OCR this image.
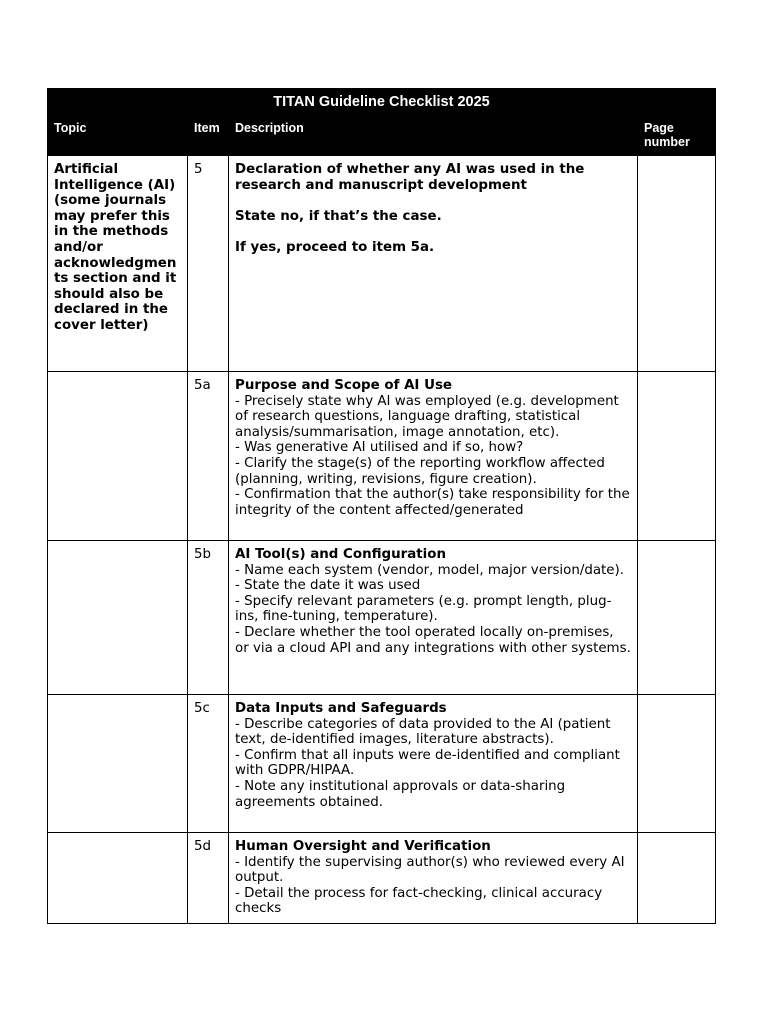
TITAN Guideline Checklist 2025			
Topic	Item	Description	Page number
Artificial Intelligence (AI)
(some journals may prefer this in the methods and/or acknowledgments section and it should also be declared in the cover letter)	5	Declaration of whether any AI was used in the research and manuscript development
State no, if that’s the case.
If yes, proceed to item 5a.	

	5a	Purpose and Scope of AI Use
- Precisely state why AI was employed (e.g. development of research questions, language drafting, statistical analysis/summarisation, image annotation, etc).
- Was generative AI utilised and if so, how?
- Clarify the stage(s) of the reporting workflow affected (planning, writing, revisions, figure creation).
- Confirmation that the author(s) take responsibility for the integrity of the content affected/generated	

	5b	AI Tool(s) and Configuration
- Name each system (vendor, model, major version/date).
- State the date it was used
- Specify relevant parameters (e.g. prompt length, plug-ins, fine-tuning, temperature).
- Declare whether the tool operated locally on-premises, or via a cloud API and any integrations with other systems.	

	5c	Data Inputs and Safeguards
- Describe categories of data provided to the AI (patient text, de-identified images, literature abstracts).
- Confirm that all inputs were de-identified and compliant with GDPR/HIPAA.
- Note any institutional approvals or data-sharing agreements obtained.	

	5d	Human Oversight and Verification
- Identify the supervising author(s) who reviewed every AI output.
- Detail the process for fact-checking, clinical accuracy checks	
